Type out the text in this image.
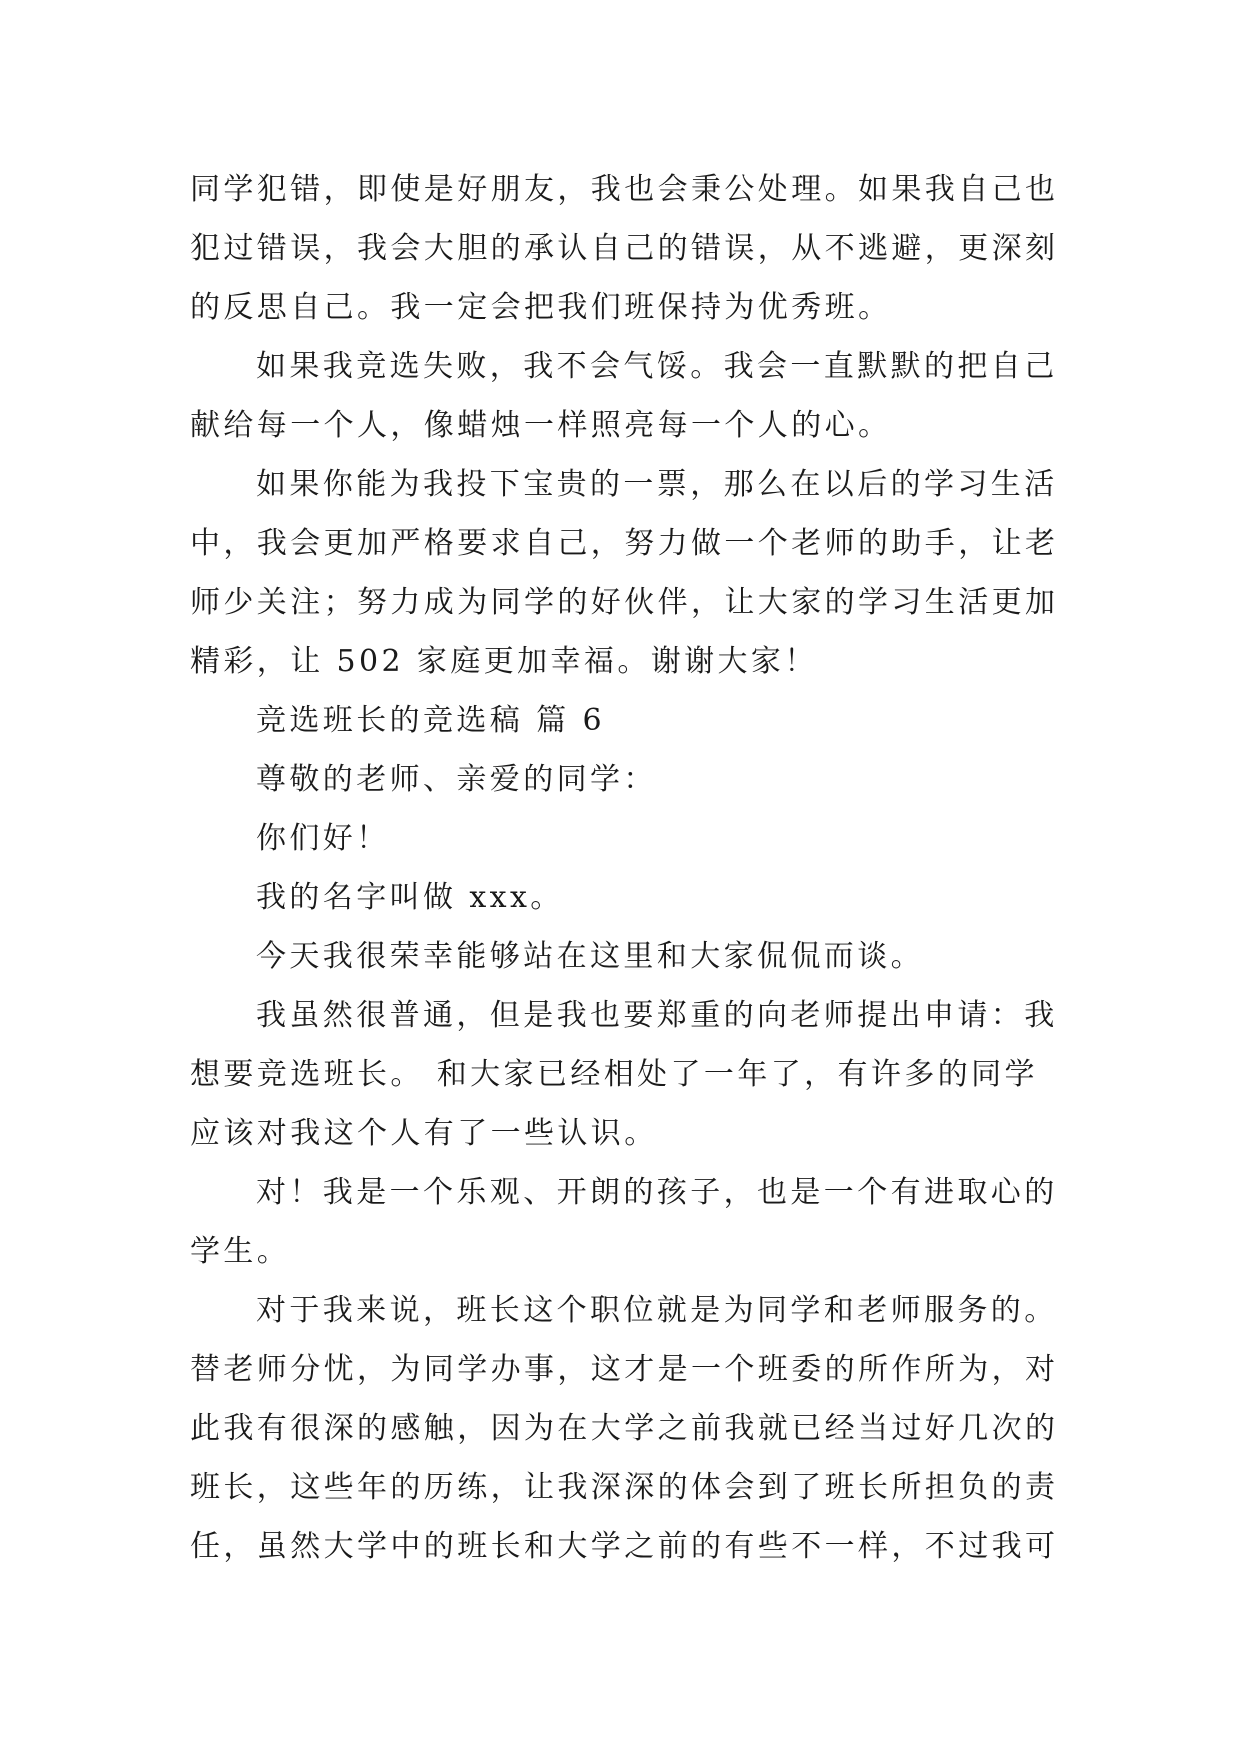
同学犯错，即使是好朋友，我也会秉公处理。如果我自己也
犯过错误，我会大胆的承认自己的错误，从不逃避，更深刻
的反思自己。我一定会把我们班保持为优秀班。
如果我竞选失败，我不会气馁。我会一直默默的把自己
献给每一个人，像蜡烛一样照亮每一个人的心。
如果你能为我投下宝贵的一票，那么在以后的学习生活
中，我会更加严格要求自己，努力做一个老师的助手，让老
师少关注；努力成为同学的好伙伴，让大家的学习生活更加
精彩，让 502 家庭更加幸福。谢谢大家！
竞选班长的竞选稿 篇 6
尊敬的老师、亲爱的同学：
你们好！
我的名字叫做 xxx。
今天我很荣幸能够站在这里和大家侃侃而谈。
我虽然很普通，但是我也要郑重的向老师提出申请：我
想要竞选班长。 和大家已经相处了一年了，有许多的同学
应该对我这个人有了一些认识。
对！我是一个乐观、开朗的孩子，也是一个有进取心的
学生。
对于我来说，班长这个职位就是为同学和老师服务的。
替老师分忧，为同学办事，这才是一个班委的所作所为，对
此我有很深的感触，因为在大学之前我就已经当过好几次的
班长，这些年的历练，让我深深的体会到了班长所担负的责
任，虽然大学中的班长和大学之前的有些不一样，不过我可
